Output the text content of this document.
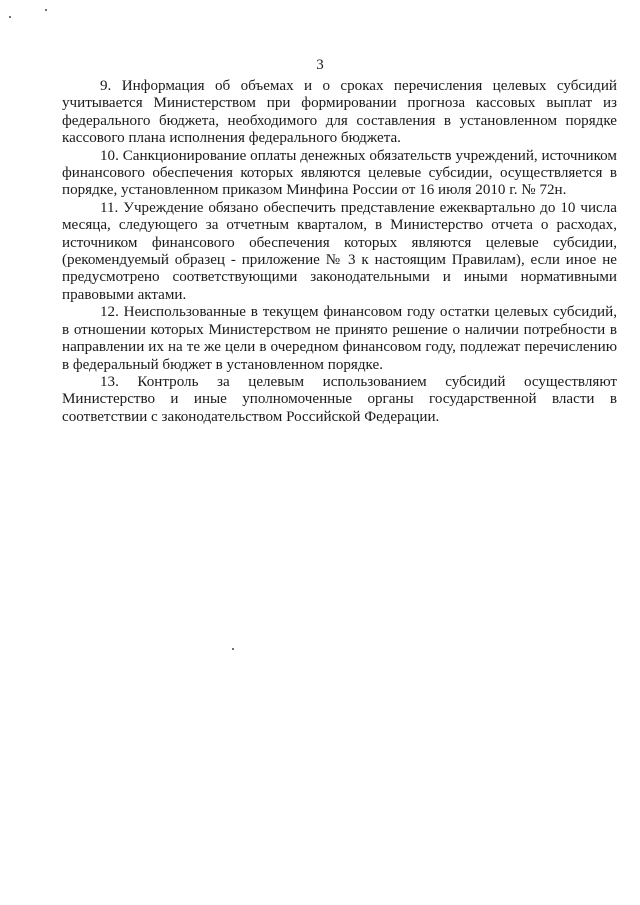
3

9. Информация об объемах и о сроках перечисления целевых субсидий учитывается Министерством при формировании прогноза кассовых выплат из федерального бюджета, необходимого для составления в установленном порядке кассового плана исполнения федерального бюджета.

10. Санкционирование оплаты денежных обязательств учреждений, источником финансового обеспечения которых являются целевые субсидии, осуществляется в порядке, установленном приказом Минфина России от 16 июля 2010 г. № 72н.

11. Учреждение обязано обеспечить представление ежеквартально до 10 числа месяца, следующего за отчетным кварталом, в Министерство отчета о расходах, источником финансового обеспечения которых являются целевые субсидии, (рекомендуемый образец - приложение № 3 к настоящим Правилам), если иное не предусмотрено соответствующими законодательными и иными нормативными правовыми актами.

12. Неиспользованные в текущем финансовом году остатки целевых субсидий, в отношении которых Министерством не принято решение о наличии потребности в направлении их на те же цели в очередном финансовом году, подлежат перечислению в федеральный бюджет в установленном порядке.

13. Контроль за целевым использованием субсидий осуществляют Министерство и иные уполномоченные органы государственной власти в соответствии с законодательством Российской Федерации.
